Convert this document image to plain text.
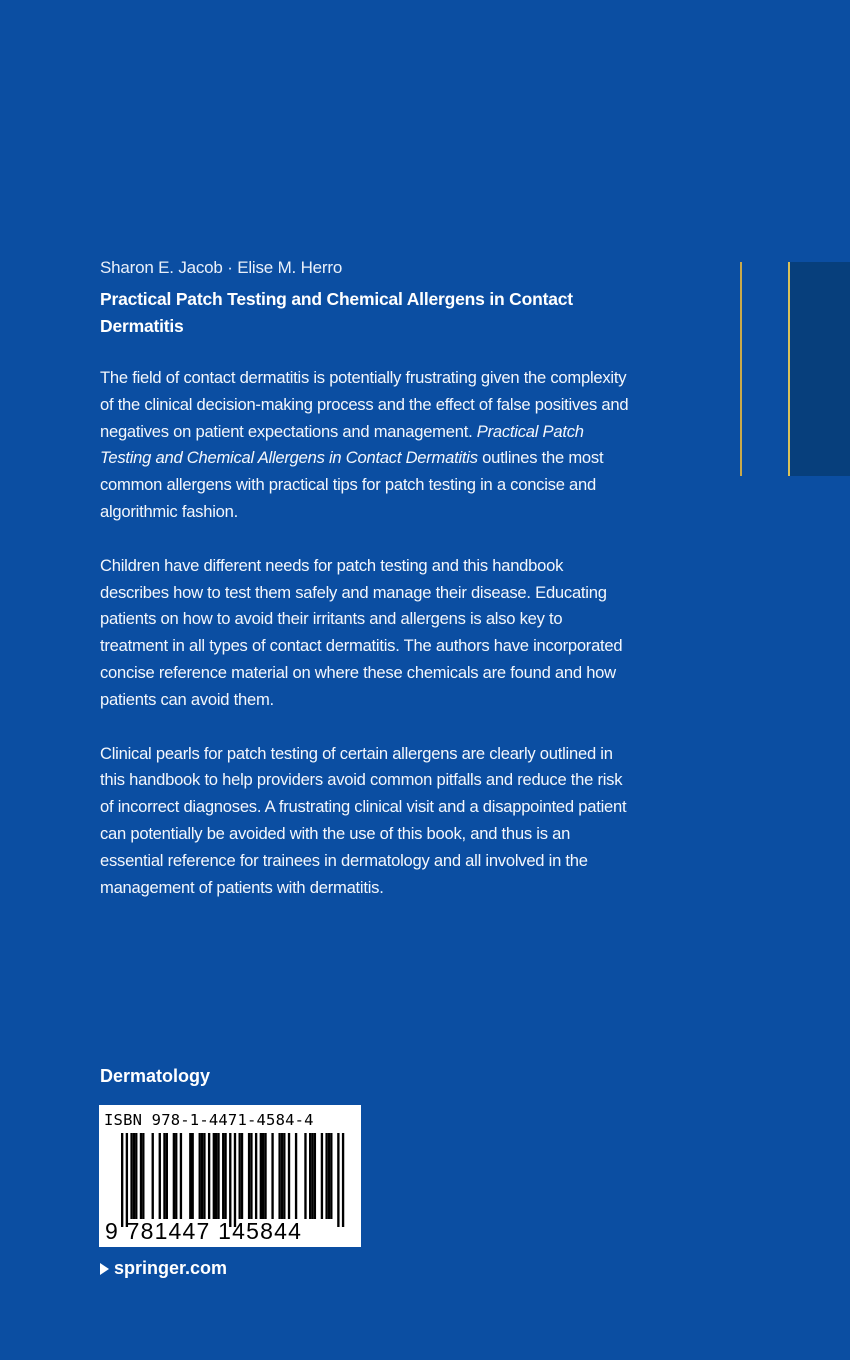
Sharon E. Jacob · Elise M. Herro
Practical Patch Testing and Chemical Allergens in Contact Dermatitis

The field of contact dermatitis is potentially frustrating given the complexity of the clinical decision-making process and the effect of false positives and negatives on patient expectations and management. Practical Patch Testing and Chemical Allergens in Contact Dermatitis outlines the most common allergens with practical tips for patch testing in a concise and algorithmic fashion.

Children have different needs for patch testing and this handbook describes how to test them safely and manage their disease. Educating patients on how to avoid their irritants and allergens is also key to treatment in all types of contact dermatitis. The authors have incorporated concise reference material on where these chemicals are found and how patients can avoid them.

Clinical pearls for patch testing of certain allergens are clearly outlined in this handbook to help providers avoid common pitfalls and reduce the risk of incorrect diagnoses. A frustrating clinical visit and a disappointed patient can potentially be avoided with the use of this book, and thus is an essential reference for trainees in dermatology and all involved in the management of patients with dermatitis.

Dermatology
ISBN 978-1-4471-4584-4
9 781447 145844
springer.com
